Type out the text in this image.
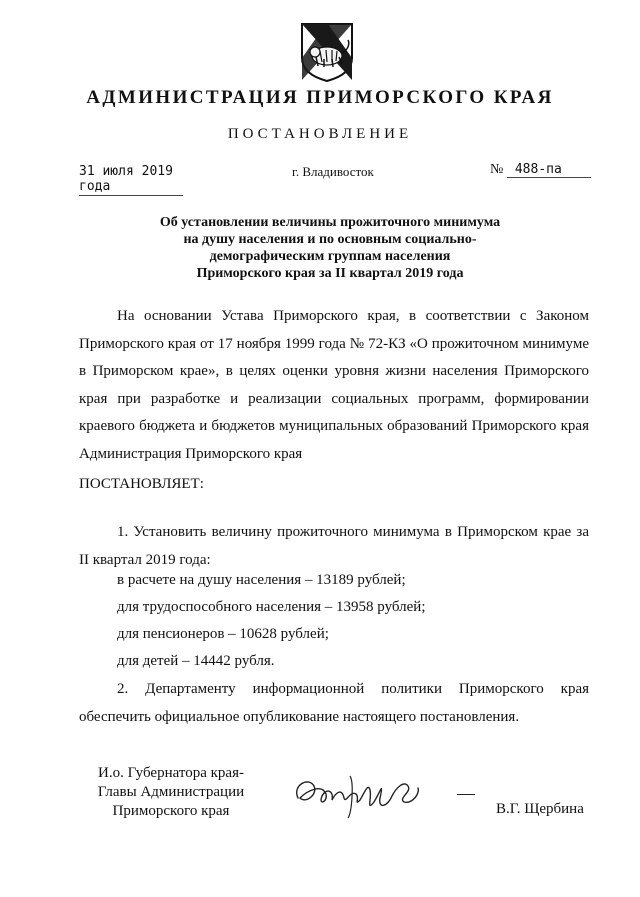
АДМИНИСТРАЦИЯ ПРИМОРСКОГО КРАЯ
ПОСТАНОВЛЕНИЕ
31 июля 2019 года
г. Владивосток	№ 488-па
Об установлении величины прожиточного минимума
на душу населения и по основным социально-
демографическим группам населения
Приморского края за II квартал 2019 года
На основании Устава Приморского края, в соответствии с Законом Приморского края от 17 ноября 1999 года № 72-КЗ «О прожиточном минимуме в Приморском крае», в целях оценки уровня жизни населения Приморского края при разработке и реализации социальных программ, формировании краевого бюджета и бюджетов муниципальных образований Приморского края Администрация Приморского края
ПОСТАНОВЛЯЕТ:
1. Установить величину прожиточного минимума в Приморском крае за II квартал 2019 года:
в расчете на душу населения – 13189 рублей;
для трудоспособного населения – 13958 рублей;
для пенсионеров – 10628 рублей;
для детей – 14442 рубля.
2. Департаменту информационной политики Приморского края обеспечить официальное опубликование настоящего постановления.
И.о. Губернатора края-
Главы Администрации
Приморского края	В.Г. Щербина
